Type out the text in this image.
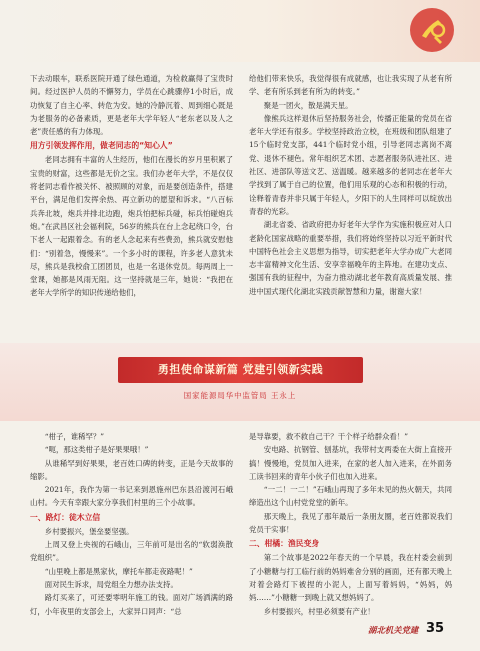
下去动眼车，联系医院开通了绿色通道，为检救赢得了宝贵时间。经过医护人员的不懈努力，学员在心跳骤停1小时后，成功恢复了自主心率、转危为安。她的冷静沉着、周到细心既是为老服务的必备素质，更是老年大学年轻人“老东老以及人之老”责任感的有力体现。

用方引领发挥作用，做老同志的“知心人”

老同志拥有丰富的人生经历，他们在漫长的岁月里积累了宝贵的财富，这些都是无价之宝。我们办老年大学，不是仅仅将老同志看作被关怀、被照顾的对象，而是要创造条件，搭建平台，满足他们发挥余热、再立新功的愿望和诉求。“八百标兵奔北坡，炮兵并排北边跑，炮兵怕把标兵碰，标兵怕碰炮兵炮。”在武昌区社会福利院，56岁的熊兵在台上念起绕口令，台下老人一起跟着念。有的老人念起来有些费劲，熊兵就安慰他们：“别着急，慢慢来”。一个多小时的课程，许多老人意犹未尽，熊兵是我校俞工团团员，也是一名退休党员。每两周上一堂课，她都是风雨无阻。这一坚持就是三年，她说：“我把在老年大学所学的知识传递给他们，

给他们带来快乐，我觉得很有成就感，也让我实现了从老有所学、老有所乐到老有所为的转变。”

聚是一团火，散是满天星。

像熊兵这样退休后坚持服务社会，传播正能量的党员在省老年大学还有很多。学校坚持政治立校，在班级和团队组建了15个临时党支部，441个临时党小组，引导老同志离岗不离党、退休不褪色。常年组织艺术团、志愿者服务队进社区、进社区、进部队等送文艺、送温暖。越来越多的老同志在老年大学找到了属于自己的位置，他们用乐观的心态和积极的行动，诠释着青春并非只属于年轻人，夕阳下的人生同样可以绽放出青春的光彩。

湖北省委、省政府把办好老年大学作为实施积极应对人口老龄化国家战略的重要举措，我们将始终坚持以习近平新时代中国特色社会主义思想为指导，切实把老年大学办成广大老同志丰富精神文化生活、安享幸福晚年的主阵地。在建功支点、强国有我的征程中，为奋力推动湖北老年教育高质量发展、推进中国式现代化湖北实践贡献智慧和力量，谢谢大家！

勇担使命谋新篇 党建引领新实践
国家能源局华中监管局 王永上

“柑子，谁稀罕？”

“呃，那这类柑子是好果果哦！”

从谁稀罕到好果果，老百姓口碑的转变，正是今天故事的缩影。

2021年，我作为第一书记来到恩施州巴东县沿渡河石峨山村。今天有幸跟大家分享我们村里的三个小故事。

一、路灯：徒木立信

乡村要振兴，堡垒要坚强。

上周又登上央视的石峨山，三年前可是出名的“软弱涣散党组织”。

“山里晚上都是黑家伙，摩托车都走夜路呢！”

面对民生诉求，局党组全力想办法支持。

路灯买来了，可还要零明年施工的钱。面对广场洒满的路灯，小年夜里的支部会上，大家异口同声：“总

是导靠要，救不救自己干？干个样子给群众看！”

安电路、抗钢管、刨基坑，我带村支两委在大街上直接开搞！慢慢地，党员加入进来，在家的老人加入进来，在外面务工读书回来的青年小伙子们也加入进来。

“一二！一二！”石峨山再现了多年未见的热火朝天，共同缔造出这个山村党党堂的新年。

那天晚上，我见了那年最后一条朋友圈，老百姓都说我们党员干实事！

二、柑橘：渔民变身

第二个故事是2022年春天的一个早晨，我在村委会前到了小糖糖与打工临行前的妈妈难舍分别的画面，还有都天晚上对着会路灯下被捏的小泥人，上面写着妈妈，“妈妈，妈妈……”小糖糖一到晚上就又想妈妈了。

乡村要振兴，村里必须要有产业！

湖北机关党建 35
